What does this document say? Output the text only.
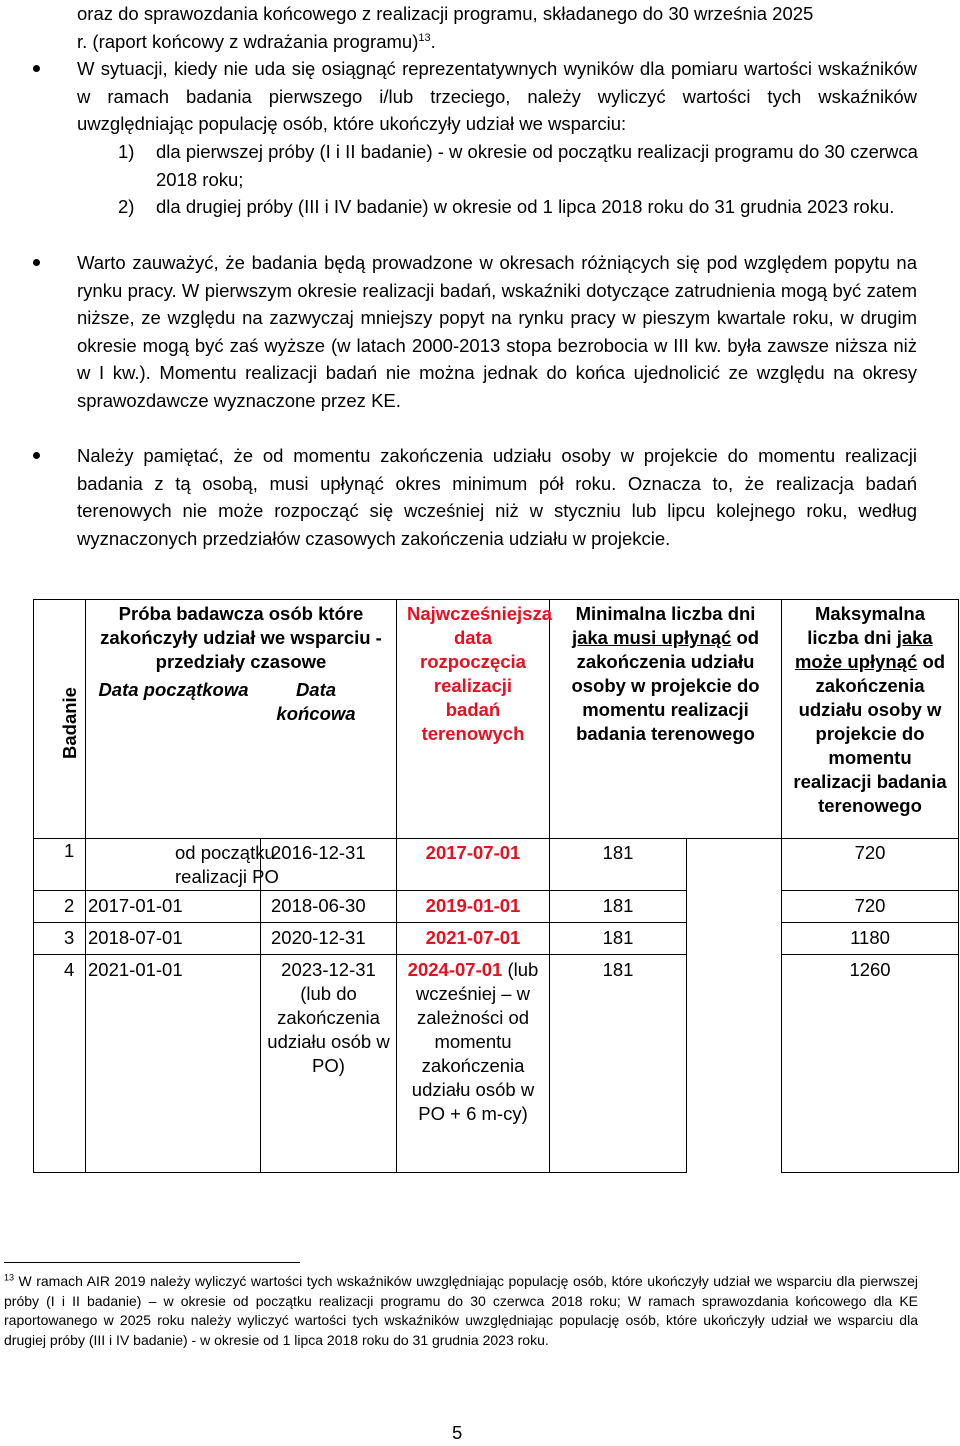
oraz do sprawozdania końcowego z realizacji programu, składanego do 30 września 2025
r. (raport końcowy z wdrażania programu)$^{13}$.
W sytuacji, kiedy nie uda się osiągnąć reprezentatywnych wyników dla pomiaru wartości wskaźników w ramach badania pierwszego i/lub trzeciego, należy wyliczyć wartości tych wskaźników uwzględniając populację osób, które ukończyły udział we wsparciu:
1) dla pierwszej próby (I i II badanie) - w okresie od początku realizacji programu do 30 czerwca 2018 roku;
2) dla drugiej próby (III i IV badanie) w okresie od 1 lipca 2018 roku do 31 grudnia 2023 roku.
Warto zauważyć, że badania będą prowadzone w okresach różniących się pod względem popytu na rynku pracy. W pierwszym okresie realizacji badań, wskaźniki dotyczące zatrudnienia mogą być zatem niższe, ze względu na zazwyczaj mniejszy popyt na rynku pracy w pieszym kwartale roku, w drugim okresie mogą być zaś wyższe (w latach 2000-2013 stopa bezrobocia w III kw. była zawsze niższa niż w I kw.). Momentu realizacji badań nie można jednak do końca ujednolicić ze względu na okresy sprawozdawcze wyznaczone przez KE.
Należy pamiętać, że od momentu zakończenia udziału osoby w projekcie do momentu realizacji badania z tą osobą, musi upłynąć okres minimum pół roku. Oznacza to, że realizacja badań terenowych nie może rozpocząć się wcześniej niż w styczniu lub lipcu kolejnego roku, według wyznaczonych przedziałów czasowych zakończenia udziału w projekcie.
Badanie	Próba badawcza osób które zakończyły udział we wsparciu - przedziały czasowe
Data początkowa Data końcowa		Najwcześniejsza data rozpoczęcia realizacji badań terenowych	Minimalna liczba dni jaka musi upłynąć od zakończenia udziału osoby w projekcie do momentu realizacji badania terenowego		Maksymalna liczba dni jaka może upłynąć od zakończenia udziału osoby w projekcie do momentu realizacji badania terenowego
1	od początku realizacji PO	2016-12-31	2017-07-01	181		720
2	2017-01-01	2018-06-30	2019-01-01	181		720
3	2018-07-01	2020-12-31	2021-07-01	181		1180
4	2021-01-01	2023-12-31 (lub do zakończenia udziału osób w PO)	2024-07-01 (lub wcześniej – w zależności od momentu zakończenia udziału osób w PO + 6 m-cy)	181		1260
$^{13}$ W ramach AIR 2019 należy wyliczyć wartości tych wskaźników uwzględniając populację osób, które ukończyły udział we wsparciu dla pierwszej próby (I i II badanie) – w okresie od początku realizacji programu do 30 czerwca 2018 roku; W ramach sprawozdania końcowego dla KE raportowanego w 2025 roku należy wyliczyć wartości tych wskaźników uwzględniając populację osób, które ukończyły udział we wsparciu dla drugiej próby (III i IV badanie) - w okresie od 1 lipca 2018 roku do 31 grudnia 2023 roku.
5
